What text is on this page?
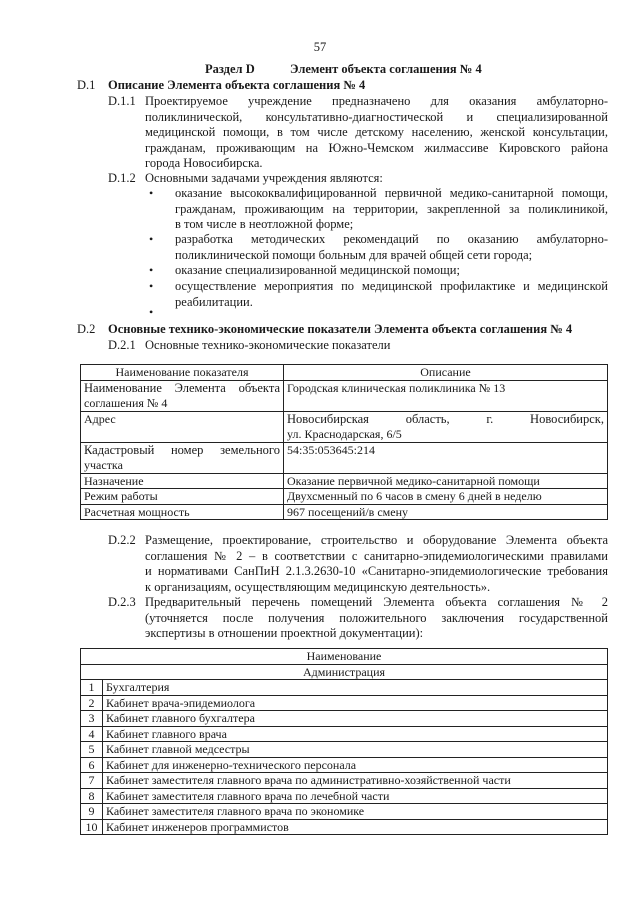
57
Раздел D	Элемент объекта соглашения № 4
D.1 Описание Элемента объекта соглашения № 4
D.1.1 Проектируемое учреждение предназначено для оказания амбулаторно-
поликлинической, консультативно-диагностической и специализированной
медицинской помощи, в том числе детскому населению, женской консультации,
гражданам, проживающим на Южно-Чемском жилмассиве Кировского района
города Новосибирска.
D.1.2 Основными задачами учреждения являются:
• оказание высококвалифицированной первичной медико-санитарной помощи,
гражданам, проживающим на территории, закрепленной за поликлиникой,
в том числе в неотложной форме;
• разработка методических рекомендаций по оказанию амбулаторно-
поликлинической помощи больным для врачей общей сети города;
• оказание специализированной медицинской помощи;
• осуществление мероприятия по медицинской профилактике и медицинской
реабилитации.
•
D.2 Основные технико-экономические показатели Элемента объекта соглашения № 4
D.2.1 Основные технико-экономические показатели
Наименование показателя	Описание

Наименование Элемента объекта
соглашения № 4	Городская клиническая поликлиника № 13

Адрес	Новосибирская область, г. Новосибирск,
ул. Краснодарская, 6/5

Кадастровый номер земельного
участка	54:35:053645:214

Назначение	Оказание первичной медико-санитарной помощи

Режим работы	Двухсменный по 6 часов в смену 6 дней в неделю

Расчетная мощность	967 посещений/в смену
D.2.2 Размещение, проектирование, строительство и оборудование Элемента объекта
соглашения № 2 – в соответствии с санитарно-эпидемиологическими правилами
и нормативами СанПиН 2.1.3.2630-10 «Санитарно-эпидемиологические требования
к организациям, осуществляющим медицинскую деятельность».
D.2.3 Предварительный перечень помещений Элемента объекта соглашения № 2
(уточняется после получения положительного заключения государственной
экспертизы в отношении проектной документации):
Наименование	
Администрация	
1	Бухгалтерия
2	Кабинет врача-эпидемиолога
3	Кабинет главного бухгалтера
4	Кабинет главного врача
5	Кабинет главной медсестры
6	Кабинет для инженерно-технического персонала
7	Кабинет заместителя главного врача по административно-хозяйственной части
8	Кабинет заместителя главного врача по лечебной части
9	Кабинет заместителя главного врача по экономике
10	Кабинет инженеров программистов
